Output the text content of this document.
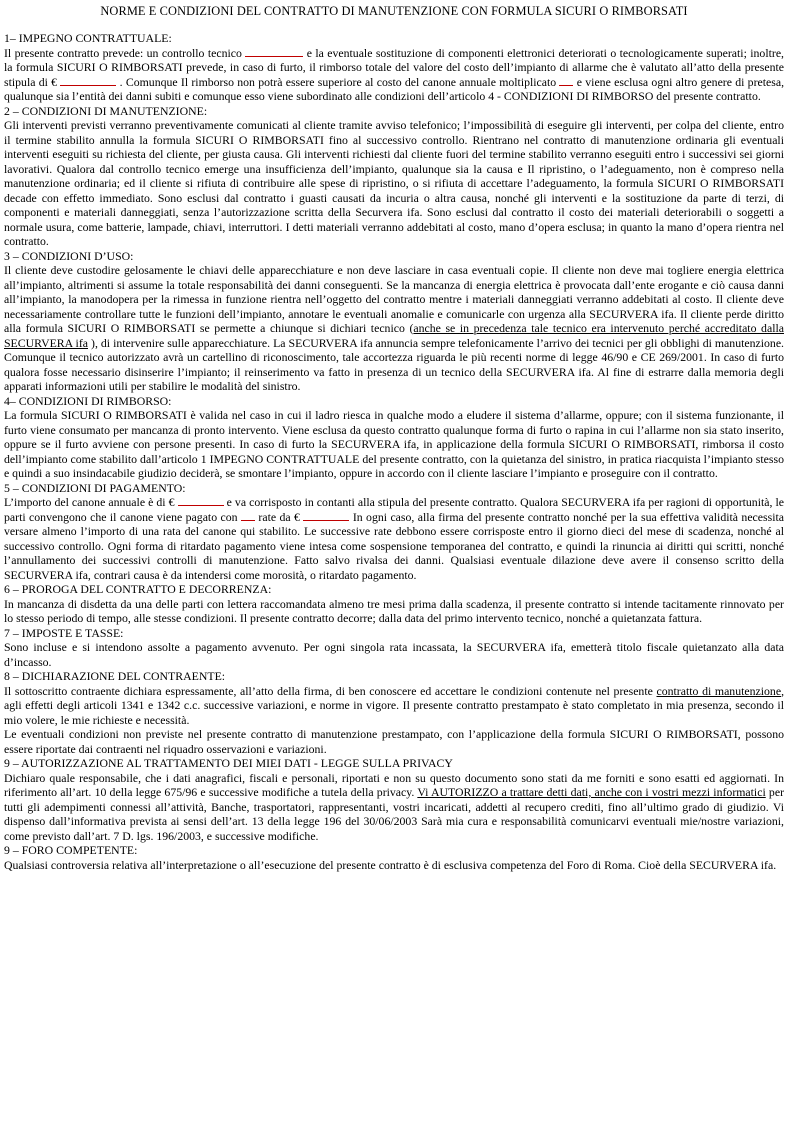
NORME E CONDIZIONI DEL CONTRATTO DI MANUTENZIONE CON FORMULA SICURI O RIMBORSATI
1– IMPEGNO CONTRATTUALE:

Il presente contratto prevede: un controllo tecnico	e la eventuale sostituzione di componenti elettronici deteriorati o tecnologicamente superati; inoltre, la formula SICURI O RIMBORSATI prevede, in caso di furto, il rimborso totale del valore del costo dell’impianto di allarme che è valutato all’atto della presente stipula di €	. Comunque Il rimborso non potrà essere superiore al costo del canone annuale moltiplicato e viene esclusa ogni altro genere di pretesa, qualunque sia l’entità dei danni subiti e comunque esso viene subordinato alle condizioni dell’articolo 4 - CONDIZIONI DI RIMBORSO del presente contratto.

2 – CONDIZIONI DI MANUTENZIONE:

Gli interventi previsti verranno preventivamente comunicati al cliente tramite avviso telefonico; l’impossibilità di eseguire gli interventi, per colpa del cliente, entro il termine stabilito annulla la formula SICURI O RIMBORSATI fino al successivo controllo. Rientrano nel contratto di manutenzione ordinaria gli eventuali interventi eseguiti su richiesta del cliente, per giusta causa. Gli interventi richiesti dal cliente fuori del termine stabilito verranno eseguiti entro i successivi sei giorni lavorativi. Qualora dal controllo tecnico emerge una insufficienza dell’impianto, qualunque sia la causa e Il ripristino, o l’adeguamento, non è compreso nella manutenzione ordinaria; ed il cliente si rifiuta di contribuire alle spese di ripristino, o si rifiuta di accettare l’adeguamento, la formula SICURI O RIMBORSATI decade con effetto immediato. Sono esclusi dal contratto i guasti causati da incuria o altra causa, nonché gli interventi e la sostituzione da parte di terzi, di componenti e materiali danneggiati, senza l’autorizzazione scritta della Securvera ifa. Sono esclusi dal contratto il costo dei materiali deteriorabili o soggetti a normale usura, come batterie, lampade, chiavi, interruttori. I detti materiali verranno addebitati al costo, mano d’opera esclusa; in quanto la mano d’opera rientra nel contratto.

3 – CONDIZIONI D’USO:

Il cliente deve custodire gelosamente le chiavi delle apparecchiature e non deve lasciare in casa eventuali copie. Il cliente non deve mai togliere energia elettrica all’impianto, altrimenti si assume la totale responsabilità dei danni conseguenti. Se la mancanza di energia elettrica è provocata dall’ente erogante e ciò causa danni all’impianto, la manodopera per la rimessa in funzione rientra nell’oggetto del contratto mentre i materiali danneggiati verranno addebitati al costo. Il cliente deve necessariamente controllare tutte le funzioni dell’impianto, annotare le eventuali anomalie e comunicarle con urgenza alla SECURVERA ifa. Il cliente perde diritto alla formula SICURI O RIMBORSATI se permette a chiunque si dichiari tecnico (anche se in precedenza tale tecnico era intervenuto perché accreditato dalla SECURVERA ifa ), di intervenire sulle apparecchiature. La SECURVERA ifa annuncia sempre telefonicamente l’arrivo dei tecnici per gli obblighi di manutenzione. Comunque il tecnico autorizzato avrà un cartellino di riconoscimento, tale accortezza riguarda le più recenti norme di legge 46/90 e CE 269/2001. In caso di furto qualora fosse necessario disinserire l’impianto; il reinserimento va fatto in presenza di un tecnico della SECURVERA ifa. Al fine di estrarre dalla memoria degli apparati informazioni utili per stabilire le modalità del sinistro.

4– CONDIZIONI DI RIMBORSO:

La formula SICURI O RIMBORSATI è valida nel caso in cui il ladro riesca in qualche modo a eludere il sistema d’allarme, oppure; con il sistema funzionante, il furto viene consumato per mancanza di pronto intervento. Viene esclusa da questo contratto qualunque forma di furto o rapina in cui l’allarme non sia stato inserito, oppure se il furto avviene con persone presenti. In caso di furto la SECURVERA ifa, in applicazione della formula SICURI O RIMBORSATI, rimborsa il costo dell’impianto come stabilito dall’articolo 1 IMPEGNO CONTRATTUALE del presente contratto, con la quietanza del sinistro, in pratica riacquista l’impianto stesso e quindi a suo insindacabile giudizio deciderà, se smontare l’impianto, oppure in accordo con il cliente lasciare l’impianto e proseguire con il contratto.

5 – CONDIZIONI DI PAGAMENTO:

L’importo del canone annuale è di €	e va corrisposto in contanti alla stipula del presente contratto. Qualora SECURVERA ifa per ragioni di opportunità, le parti convengono che il canone viene pagato con rate da €	In ogni caso, alla firma del presente contratto nonché per la sua effettiva validità necessita versare almeno l’importo di una rata del canone qui stabilito. Le successive rate debbono essere corrisposte entro il giorno dieci del mese di scadenza, nonché al successivo controllo. Ogni forma di ritardato pagamento viene intesa come sospensione temporanea del contratto, e quindi la rinuncia ai diritti qui scritti, nonché l’annullamento dei successivi controlli di manutenzione. Fatto salvo rivalsa dei danni. Qualsiasi eventuale dilazione deve avere il consenso scritto della SECURVERA ifa, contrari causa è da intendersi come morosità, o ritardato pagamento.

6 – PROROGA DEL CONTRATTO E DECORRENZA:

In mancanza di disdetta da una delle parti con lettera raccomandata almeno tre mesi prima dalla scadenza, il presente contratto si intende tacitamente rinnovato per lo stesso periodo di tempo, alle stesse condizioni. Il presente contratto decorre; dalla data del primo intervento tecnico, nonché a quietanzata fattura.

7 – IMPOSTE E TASSE:

Sono incluse e si intendono assolte a pagamento avvenuto. Per ogni singola rata incassata, la SECURVERA ifa, emetterà titolo fiscale quietanzato alla data d’incasso.

8 – DICHIARAZIONE DEL CONTRAENTE:

Il sottoscritto contraente dichiara espressamente, all’atto della firma, di ben conoscere ed accettare le condizioni contenute nel presente contratto di manutenzione, agli effetti degli articoli 1341 e 1342 c.c. successive variazioni, e norme in vigore. Il presente contratto prestampato è stato completato in mia presenza, secondo il mio volere, le mie richieste e necessità.

Le eventuali condizioni non previste nel presente contratto di manutenzione prestampato, con l’applicazione della formula SICURI O RIMBORSATI, possono essere riportate dai contraenti nel riquadro osservazioni e variazioni.

9 – AUTORIZZAZIONE AL TRATTAMENTO DEI MIEI DATI - LEGGE SULLA PRIVACY

Dichiaro quale responsabile, che i dati anagrafici, fiscali e personali, riportati e non su questo documento sono stati da me forniti e sono esatti ed aggiornati. In riferimento all’art. 10 della legge 675/96 e successive modifiche a tutela della privacy. Vi AUTORIZZO a trattare detti dati, anche con i vostri mezzi informatici per tutti gli adempimenti connessi all’attività, Banche, trasportatori, rappresentanti, vostri incaricati, addetti al recupero crediti, fino all’ultimo grado di giudizio. Vi dispenso dall’informativa prevista ai sensi dell’art. 13 della legge 196 del 30/06/2003 Sarà mia cura e responsabilità comunicarvi eventuali mie/nostre variazioni, come previsto dall’art. 7 D. lgs. 196/2003, e successive modifiche.

9 – FORO COMPETENTE:

Qualsiasi controversia relativa all’interpretazione o all’esecuzione del presente contratto è di esclusiva competenza del Foro di Roma. Cioè della SECURVERA ifa.
